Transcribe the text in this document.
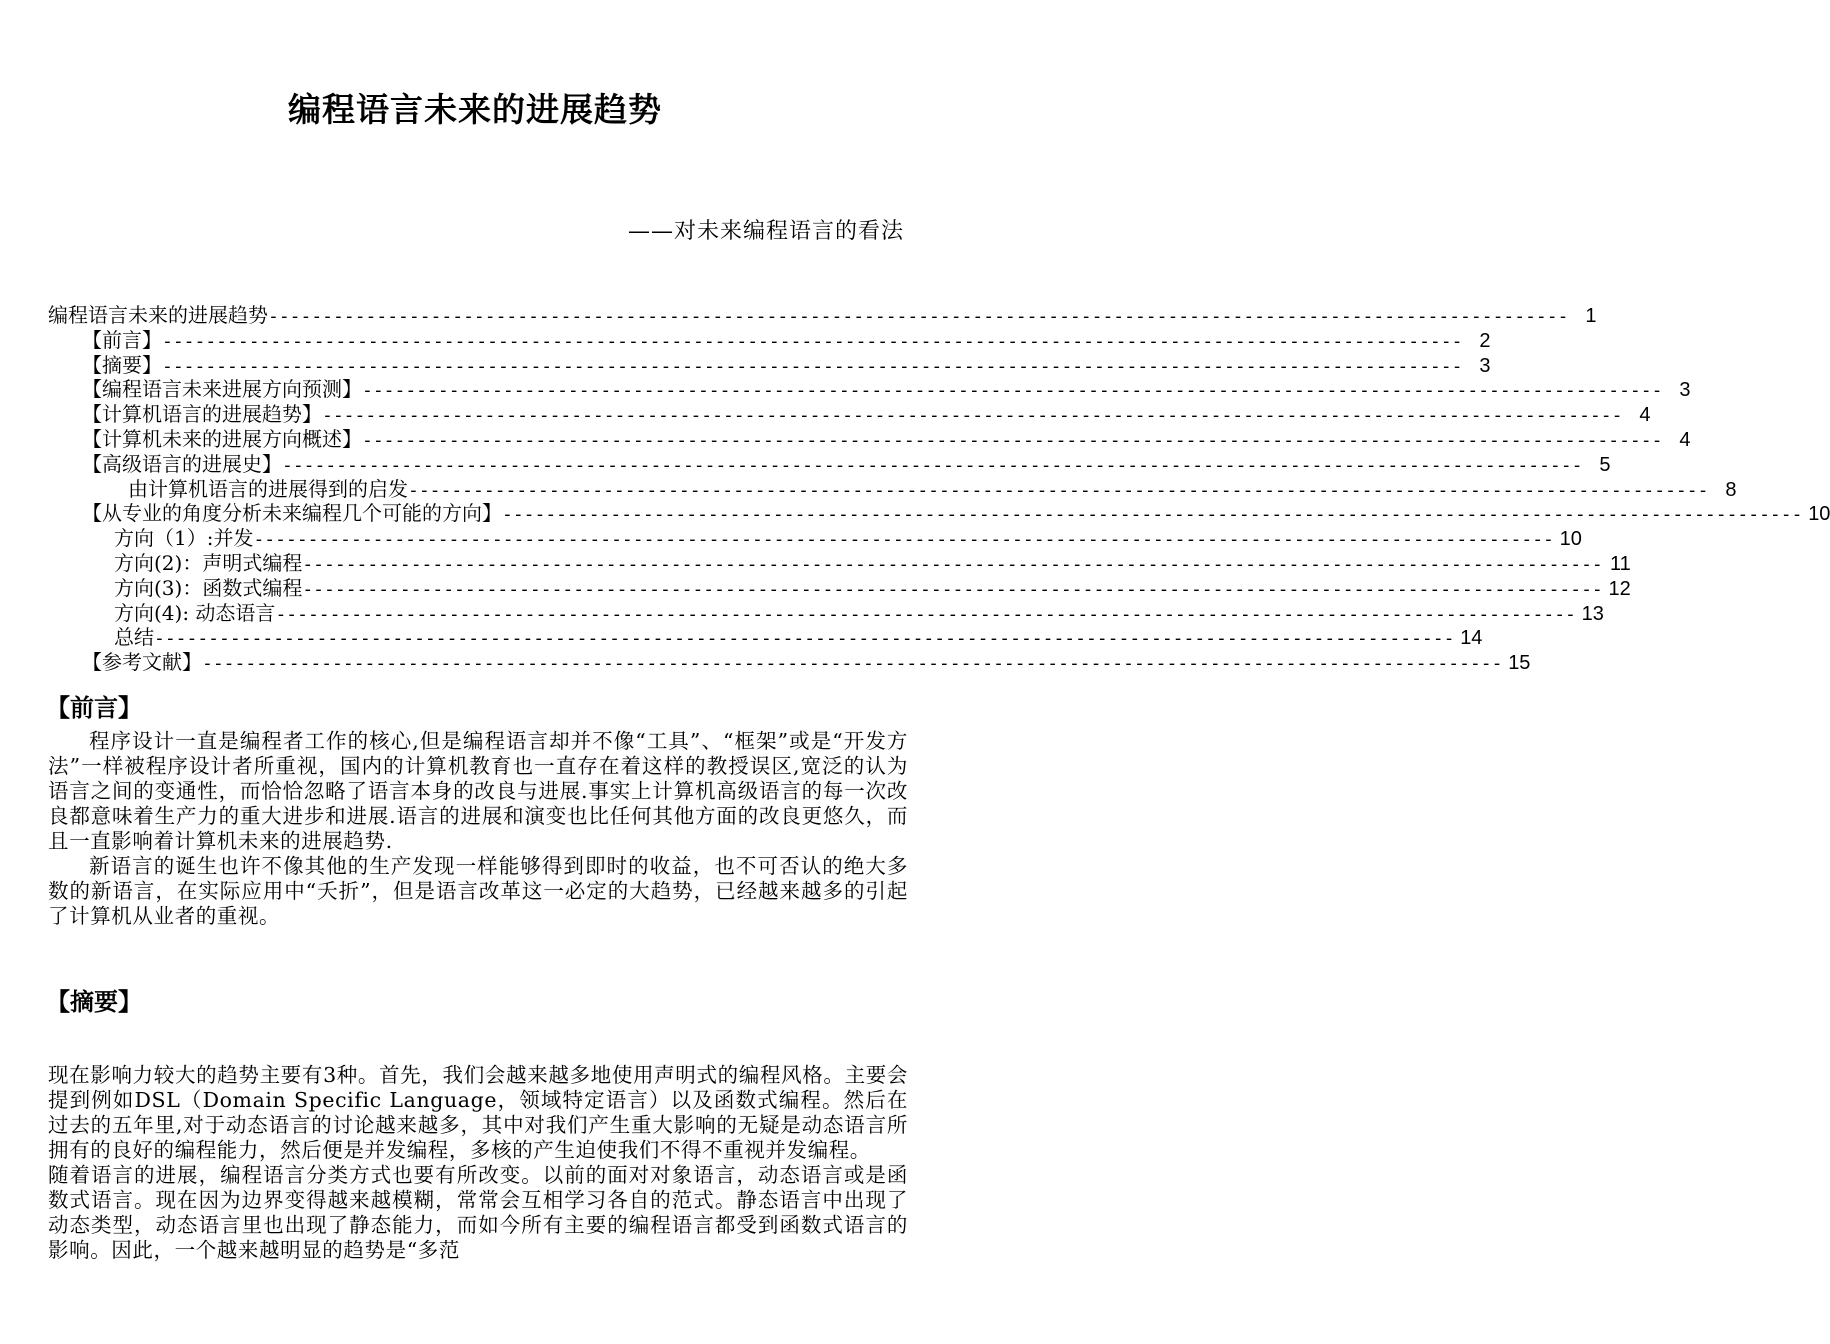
编程语言未来的进展趋势
——对未来编程语言的看法
编程语言未来的进展趋势 ------------------------------------------------------------------------------------------------------------------------ 1
【前言】 ------------------------------------------------------------------------------------------------------------------------ 2
【摘要】 ------------------------------------------------------------------------------------------------------------------------ 3
【编程语言未来进展方向预测】 ------------------------------------------------------------------------------------------------------------------------ 3
【计算机语言的进展趋势】 ------------------------------------------------------------------------------------------------------------------------ 4
【计算机未来的进展方向概述】 ------------------------------------------------------------------------------------------------------------------------ 4
【高级语言的进展史】 ------------------------------------------------------------------------------------------------------------------------ 5
由计算机语言的进展得到的启发 ------------------------------------------------------------------------------------------------------------------------ 8
【从专业的角度分析未来编程几个可能的方向】 ------------------------------------------------------------------------------------------------------------------------ 10
方向（1）:并发 ------------------------------------------------------------------------------------------------------------------------ 10
方向(2)：声明式编程 ------------------------------------------------------------------------------------------------------------------------ 11
方向(3)：函数式编程 ------------------------------------------------------------------------------------------------------------------------ 12
方向(4): 动态语言 ------------------------------------------------------------------------------------------------------------------------ 13
总结 ------------------------------------------------------------------------------------------------------------------------ 14
【参考文献】 ------------------------------------------------------------------------------------------------------------------------ 15
【前言】

程序设计一直是编程者工作的核心,但是编程语言却并不像“工具”、“框架”或是“开发方法”一样被程序设计者所重视，国内的计算机教育也一直存在着这样的教授误区,宽泛的认为语言之间的变通性，而恰恰忽略了语言本身的改良与进展.事实上计算机高级语言的每一次改良都意味着生产力的重大进步和进展.语言的进展和演变也比任何其他方面的改良更悠久，而且一直影响着计算机未来的进展趋势.

新语言的诞生也许不像其他的生产发现一样能够得到即时的收益，也不可否认的绝大多数的新语言，在实际应用中“夭折”，但是语言改革这一必定的大趋势，已经越来越多的引起了计算机从业者的重视。

【摘要】

现在影响力较大的趋势主要有3种。首先，我们会越来越多地使用声明式的编程风格。主要会提到例如DSL（Domain Specific Language，领域特定语言）以及函数式编程。然后在过去的五年里,对于动态语言的讨论越来越多，其中对我们产生重大影响的无疑是动态语言所拥有的良好的编程能力，然后便是并发编程，多核的产生迫使我们不得不重视并发编程。

随着语言的进展，编程语言分类方式也要有所改变。以前的面对对象语言，动态语言或是函数式语言。现在因为边界变得越来越模糊，常常会互相学习各自的范式。静态语言中出现了动态类型，动态语言里也出现了静态能力，而如今所有主要的编程语言都受到函数式语言的影响。因此，一个越来越明显的趋势是“多范
